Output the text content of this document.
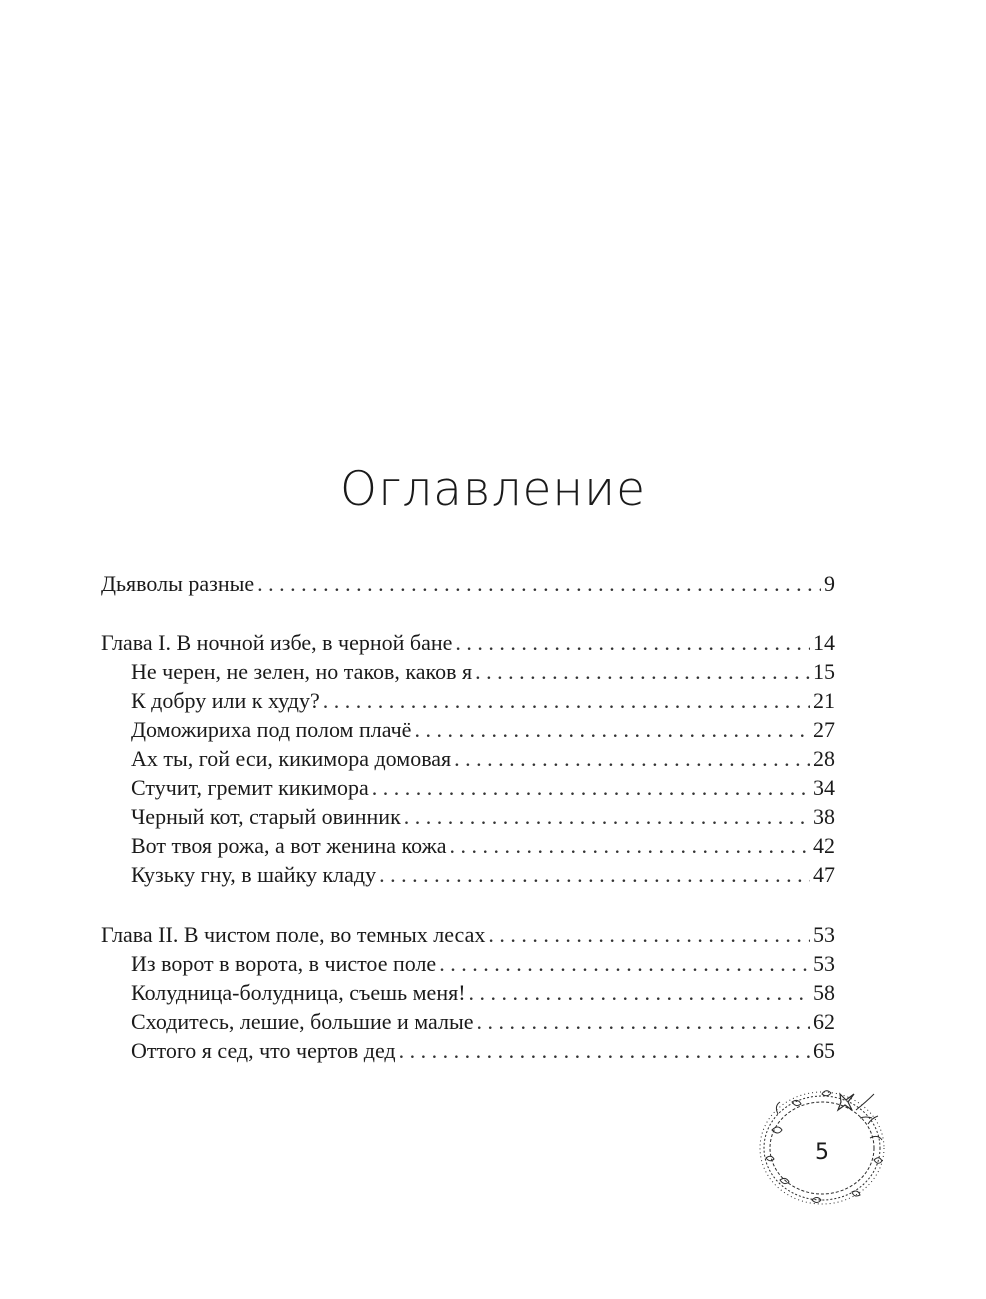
Оглавление
Дьяволы разные . . .	9
Глава I. В ночной избе, в черной бане . . .	14
Не черен, не зелен, но таков, каков я . . .	15
К добру или к худу? . . .	21
Доможириха под полом плачё . . .	27
Ах ты, гой еси, кикимора домовая . . .	28
Стучит, гремит кикимора . . .	34
Черный кот, старый овинник . . .	38
Вот твоя рожа, а вот женина кожа . . .	42
Кузьку гну, в шайку кладу . . .	47
Глава II. В чистом поле, во темных лесах . . .	53
Из ворот в ворота, в чистое поле . . .	53
Колудница-болудница, съешь меня! . . .	58
Сходитесь, лешие, большие и малые . . .	62
Оттого я сед, что чертов дед . . .	65
5
